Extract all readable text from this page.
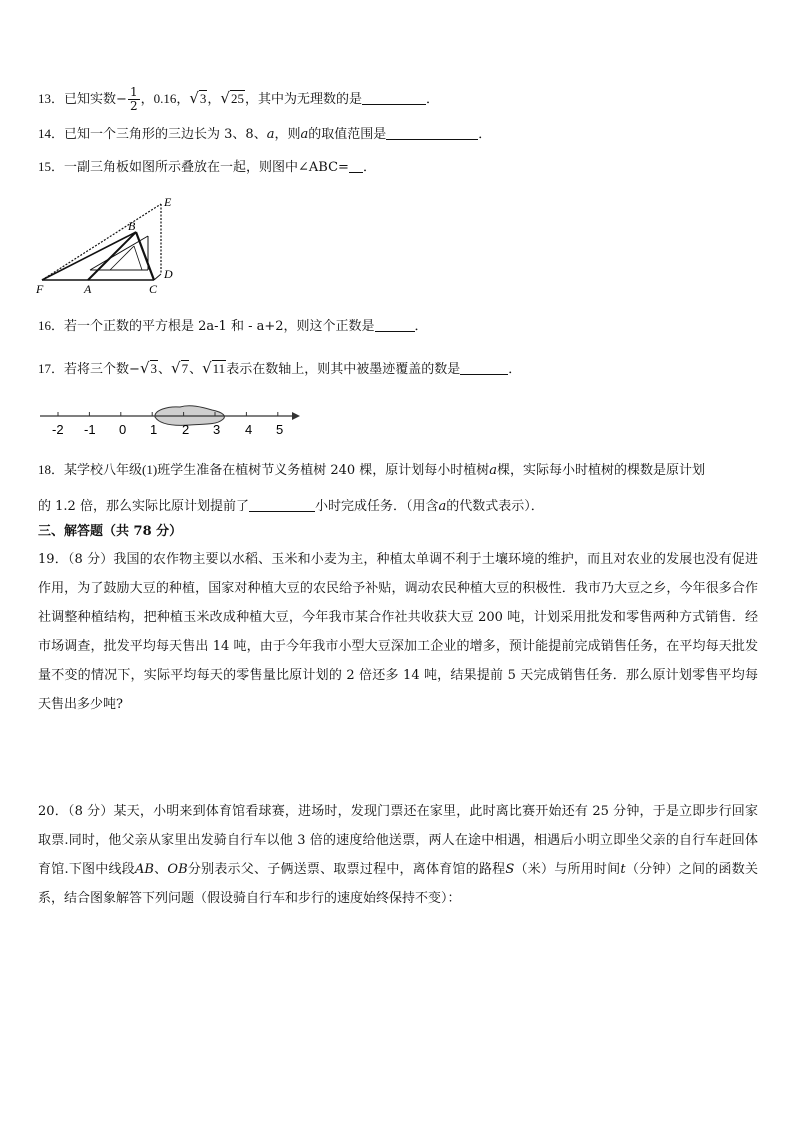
13．已知实数− $\frac{1}{2}$ ，0.16，√3，√25，其中为无理数的是	．
14．已知一个三角形的三边长为 3、8、a，则a的取值范围是	．
15．一副三角板如图所示叠放在一起，则图中∠ABC= ．
E
B
D
F	A	C
16．若一个正数的平方根是 2a-1 和 - a+2，则这个正数是	．
17．若将三个数−√3、√7、√11表示在数轴上，则其中被墨迹覆盖的数是	．
-2 -1 0 1 2 3 4 5
18．某学校八年级(1)班学生准备在植树节义务植树 240 棵，原计划每小时植树a棵，实际每小时植树的棵数是原计划
的 1.2 倍，那么实际比原计划提前了	小时完成任务．（用含a的代数式表示）．
三、解答题（共 78 分）
19．（8 分）我国的农作物主要以水稻、玉米和小麦为主，种植太单调不利于土壤环境的维护，而且对农业的发展也没有促进作用，为了鼓励大豆的种植，国家对种植大豆的农民给予补贴，调动农民种植大豆的积极性．我市乃大豆之乡，今年很多合作社调整种植结构，把种植玉米改成种植大豆，今年我市某合作社共收获大豆 200 吨，计划采用批发和零售两种方式销售．经市场调查，批发平均每天售出 14 吨，由于今年我市小型大豆深加工企业的增多，预计能提前完成销售任务，在平均每天批发量不变的情况下，实际平均每天的零售量比原计划的 2 倍还多 14 吨，结果提前 5 天完成销售任务．那么原计划零售平均每天售出多少吨?
20．（8 分）某天，小明来到体育馆看球赛，进场时，发现门票还在家里，此时离比赛开始还有 25 分钟，于是立即步行回家取票.同时，他父亲从家里出发骑自行车以他 3 倍的速度给他送票，两人在途中相遇，相遇后小明立即坐父亲的自行车赶回体育馆.下图中线段AB、OB分别表示父、子俩送票、取票过程中，离体育馆的路程S（米）与所用时间t（分钟）之间的函数关系，结合图象解答下列问题（假设骑自行车和步行的速度始终保持不变）：
